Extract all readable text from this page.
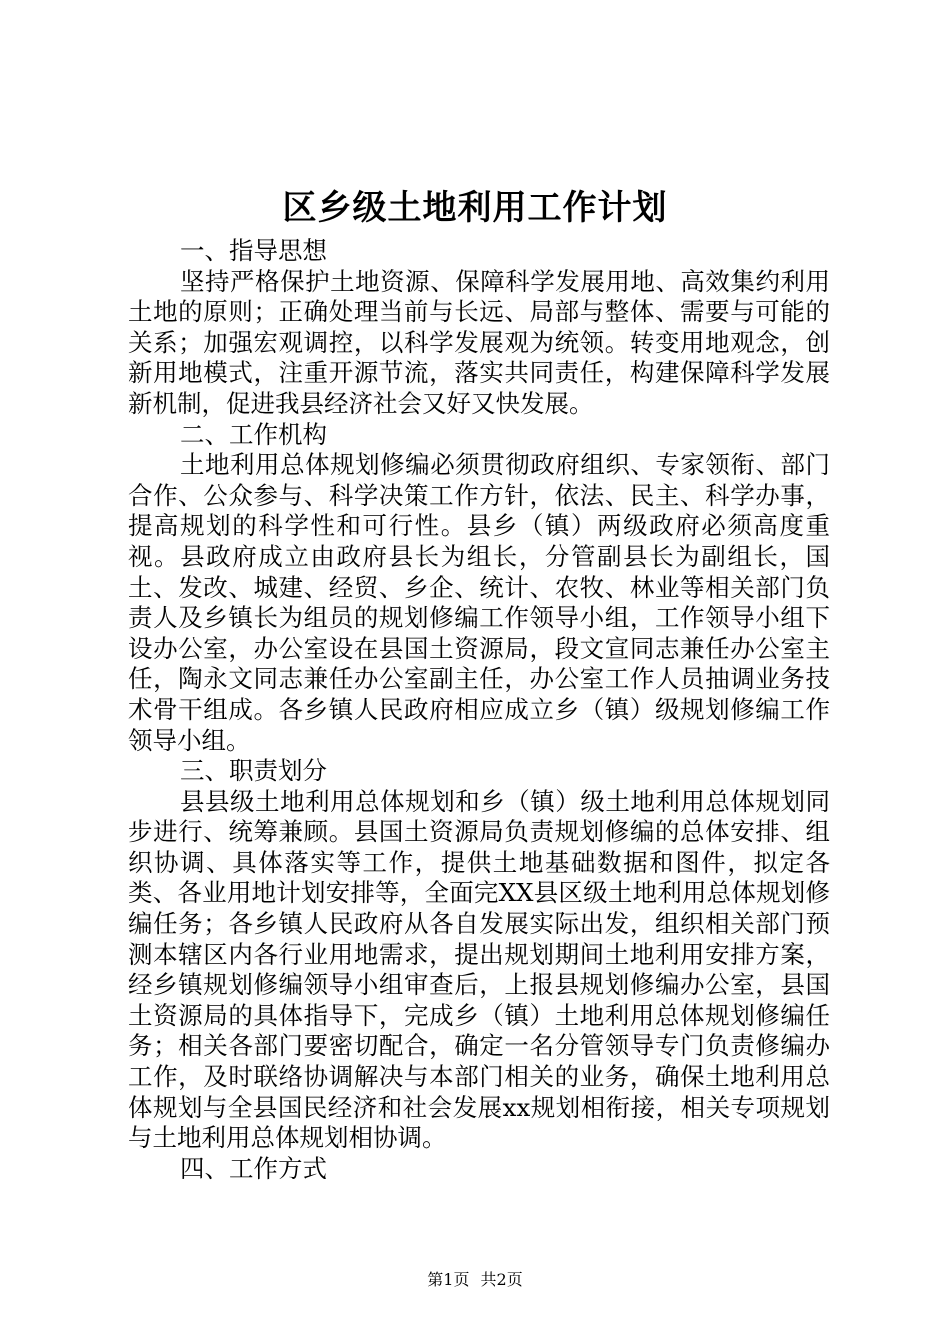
区乡级土地利用工作计划

一、指导思想

坚持严格保护土地资源、保障科学发展用地、高效集约利用土地的原则；正确处理当前与长远、局部与整体、需要与可能的关系；加强宏观调控，以科学发展观为统领。转变用地观念，创新用地模式，注重开源节流，落实共同责任，构建保障科学发展新机制，促进我县经济社会又好又快发展。

二、工作机构

土地利用总体规划修编必须贯彻政府组织、专家领衔、部门合作、公众参与、科学决策工作方针，依法、民主、科学办事，提高规划的科学性和可行性。县乡（镇）两级政府必须高度重视。县政府成立由政府县长为组长，分管副县长为副组长，国土、发改、城建、经贸、乡企、统计、农牧、林业等相关部门负责人及乡镇长为组员的规划修编工作领导小组，工作领导小组下设办公室，办公室设在县国土资源局，段文宣同志兼任办公室主任，陶永文同志兼任办公室副主任，办公室工作人员抽调业务技术骨干组成。各乡镇人民政府相应成立乡（镇）级规划修编工作领导小组。

三、职责划分

县县级土地利用总体规划和乡（镇）级土地利用总体规划同步进行、统筹兼顾。县国土资源局负责规划修编的总体安排、组织协调、具体落实等工作，提供土地基础数据和图件，拟定各类、各业用地计划安排等，全面完XX县区级土地利用总体规划修编任务；各乡镇人民政府从各自发展实际出发，组织相关部门预测本辖区内各行业用地需求，提出规划期间土地利用安排方案，经乡镇规划修编领导小组审查后，上报县规划修编办公室，县国土资源局的具体指导下，完成乡（镇）土地利用总体规划修编任务；相关各部门要密切配合，确定一名分管领导专门负责修编办工作，及时联络协调解决与本部门相关的业务，确保土地利用总体规划与全县国民经济和社会发展xx规划相衔接，相关专项规划与土地利用总体规划相协调。

四、工作方式

第1页 共2页
